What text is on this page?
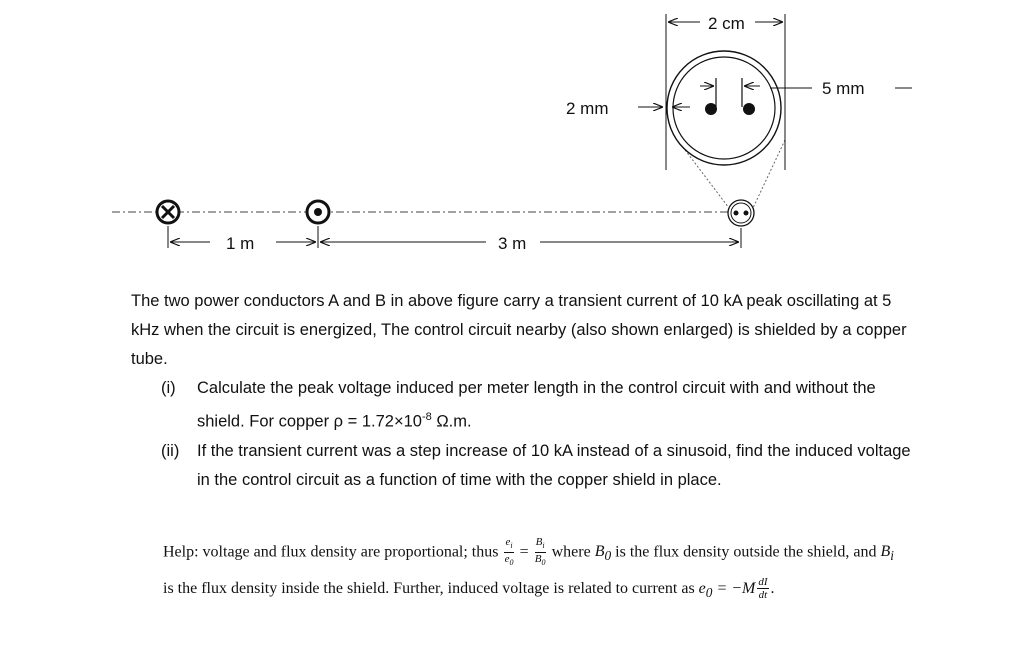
2 cm
5 mm
2 mm
1 m	3 m

The two power conductors A and B in above figure carry a transient current of 10 kA peak oscillating at 5 kHz when the circuit is energized, The control circuit nearby (also shown enlarged) is shielded by a copper tube.

(i)	Calculate the peak voltage induced per meter length in the control circuit with and without the shield. For copper $\rho = 1.72\times 10^{-8}$ Ω.m.
(ii)	If the transient current was a step increase of 10 kA instead of a sinusoid, find the induced voltage in the control circuit as a function of time with the copper shield in place.
Help: voltage and flux density are proportional; thus $\frac{e_i}{e_0} = \frac{B_i}{B_0}$ where $B_0$ is the flux density outside the shield, and $B_i$ is the flux density inside the shield. Further, induced voltage is related to current as $e_0 = -M \frac{dI}{dt}$ .
